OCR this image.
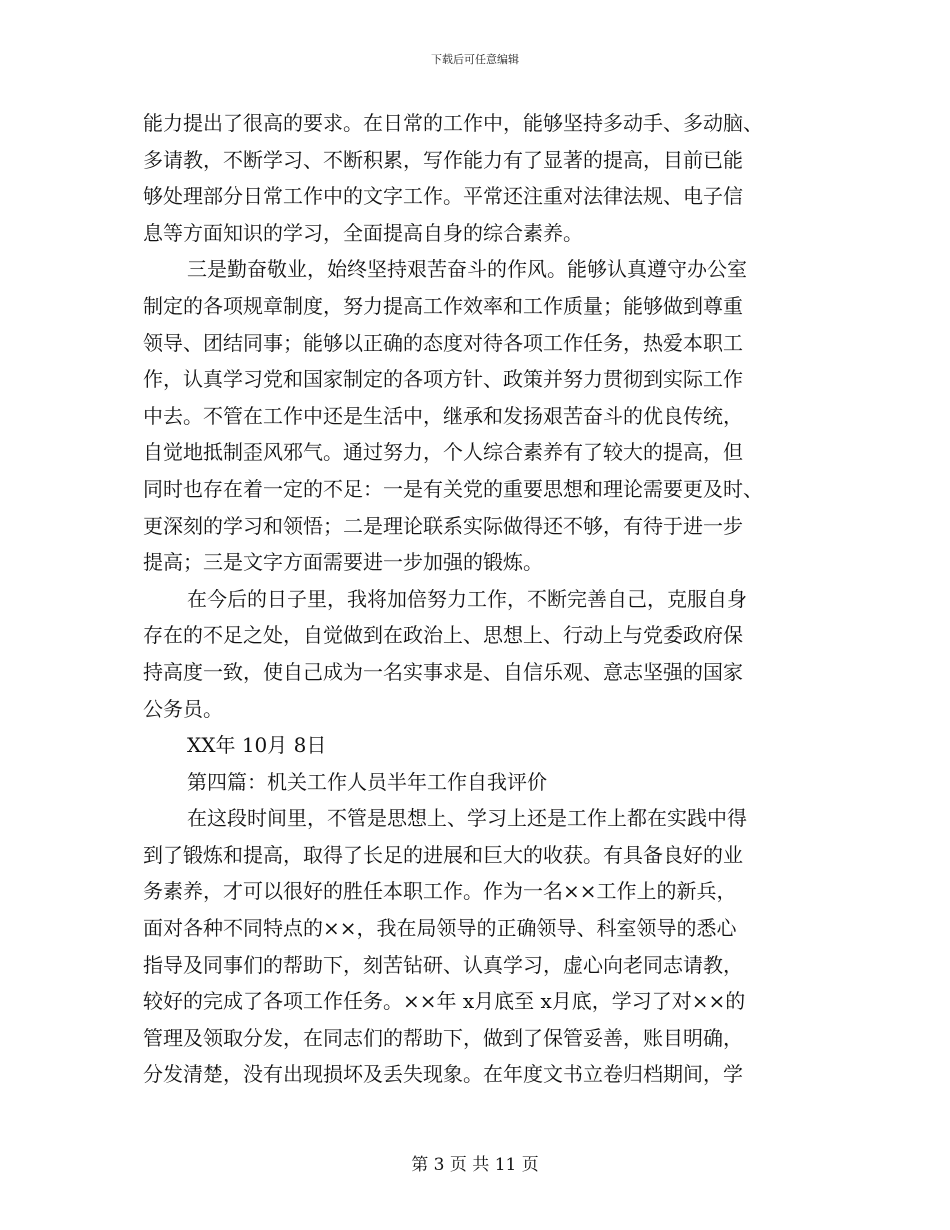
下载后可任意编辑
能力提出了很高的要求。在日常的工作中，能够坚持多动手、多动脑、
多请教，不断学习、不断积累，写作能力有了显著的提高，目前已能
够处理部分日常工作中的文字工作。平常还注重对法律法规、电子信
息等方面知识的学习，全面提高自身的综合素养。
三是勤奋敬业，始终坚持艰苦奋斗的作风。能够认真遵守办公室
制定的各项规章制度，努力提高工作效率和工作质量；能够做到尊重
领导、团结同事；能够以正确的态度对待各项工作任务，热爱本职工
作，认真学习党和国家制定的各项方针、政策并努力贯彻到实际工作
中去。不管在工作中还是生活中，继承和发扬艰苦奋斗的优良传统，
自觉地抵制歪风邪气。通过努力，个人综合素养有了较大的提高，但
同时也存在着一定的不足：一是有关党的重要思想和理论需要更及时、
更深刻的学习和领悟；二是理论联系实际做得还不够，有待于进一步
提高；三是文字方面需要进一步加强的锻炼。
在今后的日子里，我将加倍努力工作，不断完善自己，克服自身
存在的不足之处，自觉做到在政治上、思想上、行动上与党委政府保
持高度一致，使自己成为一名实事求是、自信乐观、意志坚强的国家
公务员。
XX年 10月 8日
第四篇：机关工作人员半年工作自我评价
在这段时间里，不管是思想上、学习上还是工作上都在实践中得
到了锻炼和提高，取得了长足的进展和巨大的收获。有具备良好的业
务素养，才可以很好的胜任本职工作。作为一名××工作上的新兵，
面对各种不同特点的××，我在局领导的正确领导、科室领导的悉心
指导及同事们的帮助下，刻苦钻研、认真学习，虚心向老同志请教，
较好的完成了各项工作任务。××年 x月底至 x月底，学习了对××的
管理及领取分发，在同志们的帮助下，做到了保管妥善，账目明确，
分发清楚，没有出现损坏及丢失现象。在年度文书立卷归档期间，学
第 3 页 共 11 页
